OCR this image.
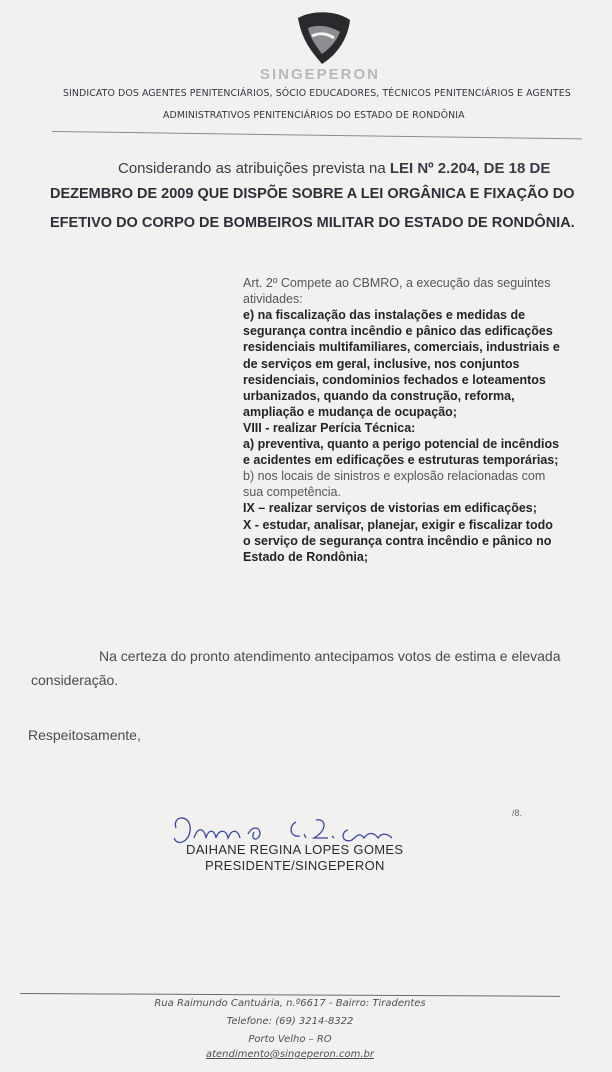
SINGEPERON
SINDICATO DOS AGENTES PENITENCIÁRIOS, SÓCIO EDUCADORES, TÉCNICOS PENITENCIÁRIOS E AGENTES
ADMINISTRATIVOS PENITENCIÁRIOS DO ESTADO DE RONDÔNIA
Considerando as atribuições prevista na LEI Nº 2.204, DE 18 DE
DEZEMBRO DE 2009 QUE DISPÕE SOBRE A LEI ORGÂNICA E FIXAÇÃO DO
EFETIVO DO CORPO DE BOMBEIROS MILITAR DO ESTADO DE RONDÔNIA.
Art. 2º Compete ao CBMRO, a execução das seguintes
atividades:
e) na fiscalização das instalações e medidas de
segurança contra incêndio e pânico das edificações
residenciais multifamiliares, comerciais, industriais e
de serviços em geral, inclusive, nos conjuntos
residenciais, condominios fechados e loteamentos
urbanizados, quando da construção, reforma,
ampliação e mudança de ocupação;
VIII - realizar Perícia Técnica:
a) preventiva, quanto a perigo potencial de incêndios
e acidentes em edificações e estruturas temporárias;
b) nos locais de sinistros e explosão relacionadas com
sua competência.
IX – realizar serviços de vistorias em edificações;
X - estudar, analisar, planejar, exigir e fiscalizar todo
o serviço de segurança contra incêndio e pânico no
Estado de Rondônia;
Na certeza do pronto atendimento antecipamos votos de estima e elevada
consideração.
Respeitosamente,
DAIHANE REGINA LOPES GOMES
PRESIDENTE/SINGEPERON
/8.
Rua Raimundo Cantuária, n.º6617 - Bairro: Tiradentes
Telefone: (69) 3214-8322
Porto Velho – RO
atendimento@singeperon.com.br
